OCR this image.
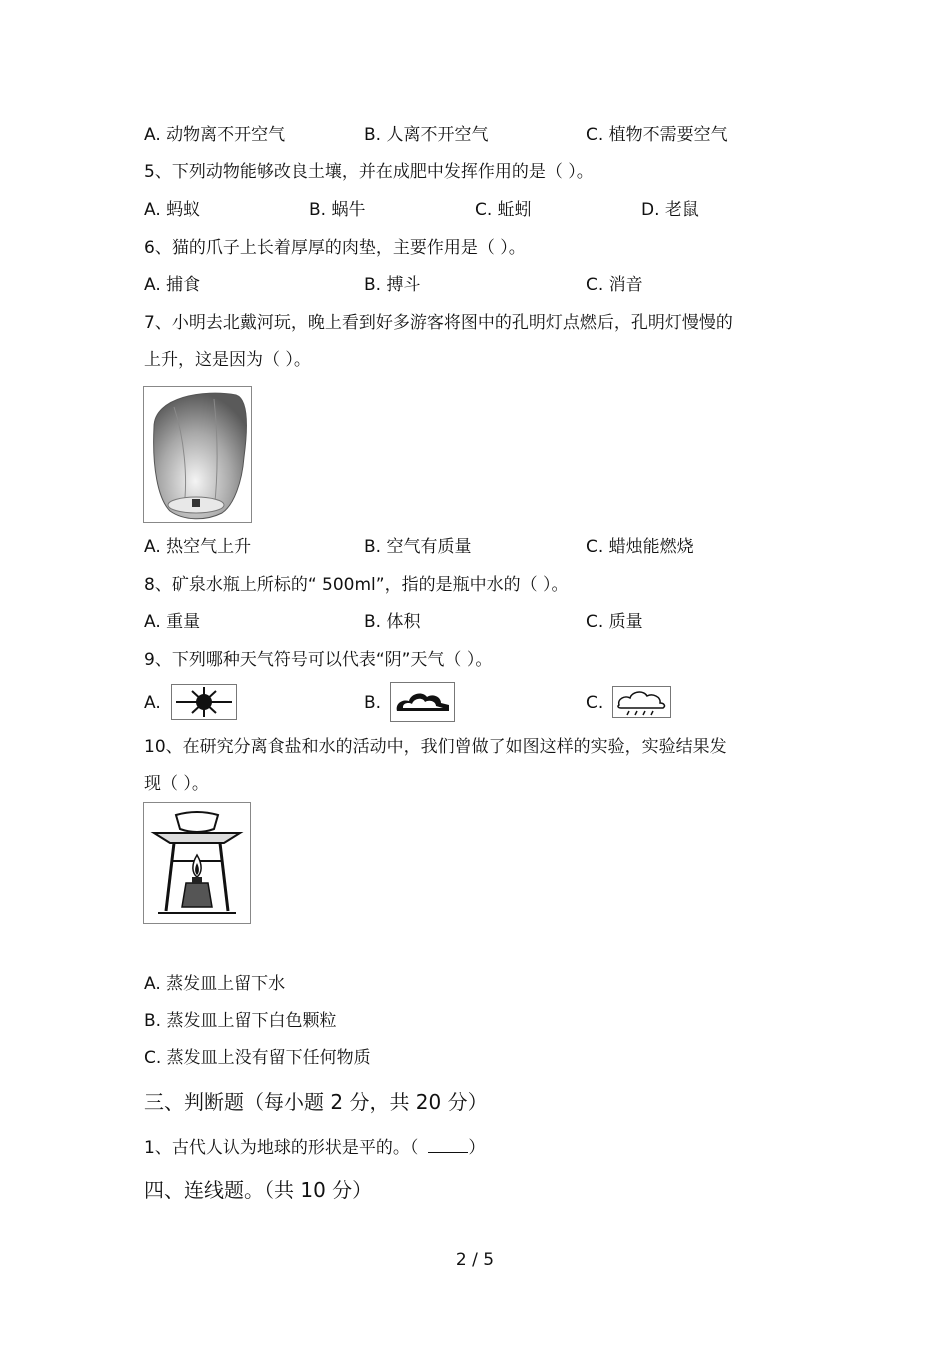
A. 动物离不开空气	B. 人离不开空气	C. 植物不需要空气
5、下列动物能够改良土壤，并在成肥中发挥作用的是（ ）。
A. 蚂蚁	B. 蜗牛	C. 蚯蚓	D. 老鼠
6、猫的爪子上长着厚厚的肉垫，主要作用是（ ）。
A. 捕食	B. 搏斗	C. 消音
7、小明去北戴河玩，晚上看到好多游客将图中的孔明灯点燃后，孔明灯慢慢的
上升，这是因为（ ）。
A. 热空气上升	B. 空气有质量	C. 蜡烛能燃烧
8、矿泉水瓶上所标的“ 500ml”，指的是瓶中水的（ ）。
A. 重量	B. 体积	C. 质量
9、下列哪种天气符号可以代表“阴”天气（ ）。
A.	B.	C.
10、在研究分离食盐和水的活动中，我们曾做了如图这样的实验，实验结果发
现（ ）。
A. 蒸发皿上留下水
B. 蒸发皿上留下白色颗粒
C. 蒸发皿上没有留下任何物质
三、判断题（每小题 2 分，共 20 分）
1、古代人认为地球的形状是平的。（	）
四、连线题。（共 10 分）
2 / 5
